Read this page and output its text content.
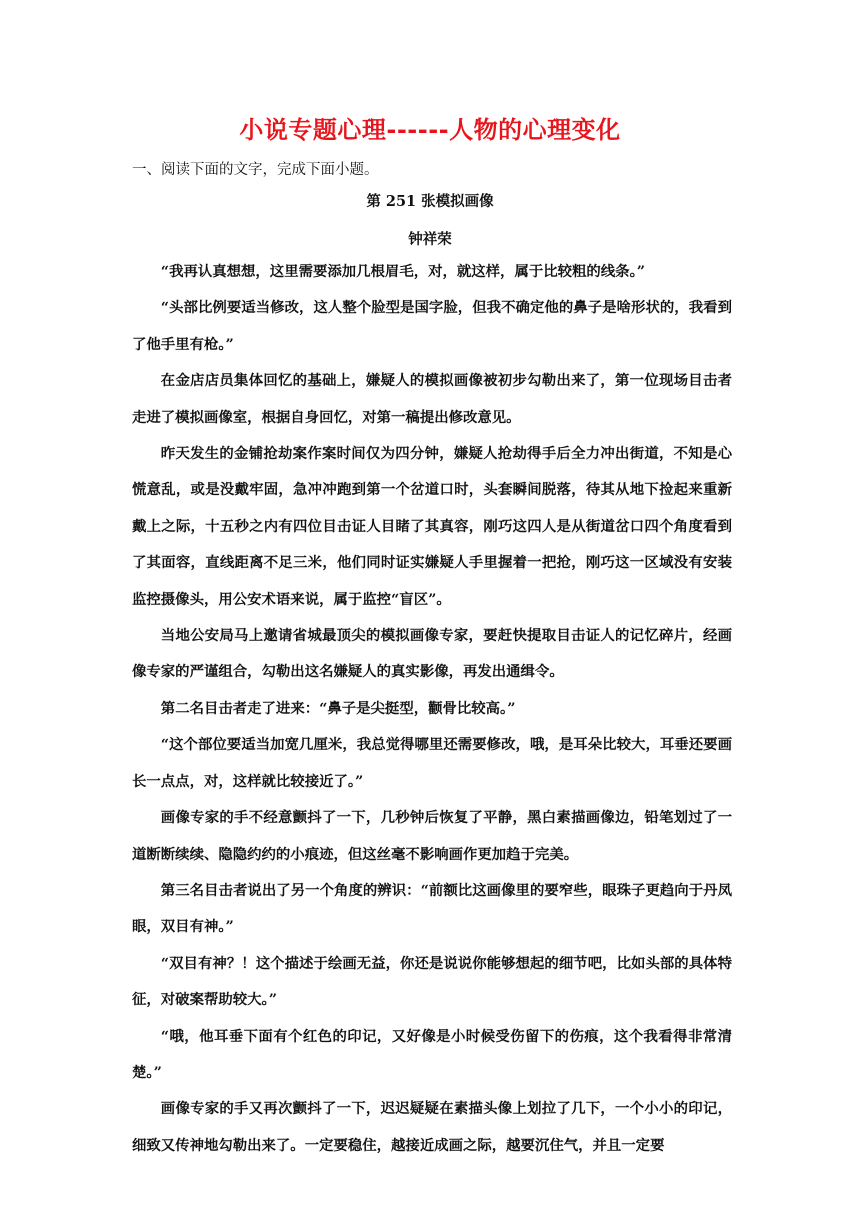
小说专题心理------人物的心理变化
一、阅读下面的文字，完成下面小题。
第 251 张模拟画像
钟祥荣

“我再认真想想，这里需要添加几根眉毛，对，就这样，属于比较粗的线条。”

“头部比例要适当修改，这人整个脸型是国字脸，但我不确定他的鼻子是啥形状的，我看到了他手里有枪。”

在金店店员集体回忆的基础上，嫌疑人的模拟画像被初步勾勒出来了，第一位现场目击者走进了模拟画像室，根据自身回忆，对第一稿提出修改意见。

昨天发生的金铺抢劫案作案时间仅为四分钟，嫌疑人抢劫得手后全力冲出街道，不知是心慌意乱，或是没戴牢固，急冲冲跑到第一个岔道口时，头套瞬间脱落，待其从地下捡起来重新戴上之际，十五秒之内有四位目击证人目睹了其真容，刚巧这四人是从街道岔口四个角度看到了其面容，直线距离不足三米，他们同时证实嫌疑人手里握着一把抢，刚巧这一区域没有安装监控摄像头，用公安术语来说，属于监控“盲区”。

当地公安局马上邀请省城最顶尖的模拟画像专家，要赶快提取目击证人的记忆碎片，经画像专家的严谨组合，勾勒出这名嫌疑人的真实影像，再发出通缉令。

第二名目击者走了进来：“鼻子是尖挺型，颧骨比较高。”

“这个部位要适当加宽几厘米，我总觉得哪里还需要修改，哦，是耳朵比较大，耳垂还要画长一点点，对，这样就比较接近了。”

画像专家的手不经意颤抖了一下，几秒钟后恢复了平静，黑白素描画像边，铅笔划过了一道断断续续、隐隐约约的小痕迹，但这丝毫不影响画作更加趋于完美。

第三名目击者说出了另一个角度的辨识：“前额比这画像里的要窄些，眼珠子更趋向于丹凤眼，双目有神。”

“双目有神？！这个描述于绘画无益，你还是说说你能够想起的细节吧，比如头部的具体特征，对破案帮助较大。”

“哦，他耳垂下面有个红色的印记，又好像是小时候受伤留下的伤痕，这个我看得非常清楚。”

画像专家的手又再次颤抖了一下，迟迟疑疑在素描头像上划拉了几下，一个小小的印记，细致又传神地勾勒出来了。一定要稳住，越接近成画之际，越要沉住气，并且一定要
